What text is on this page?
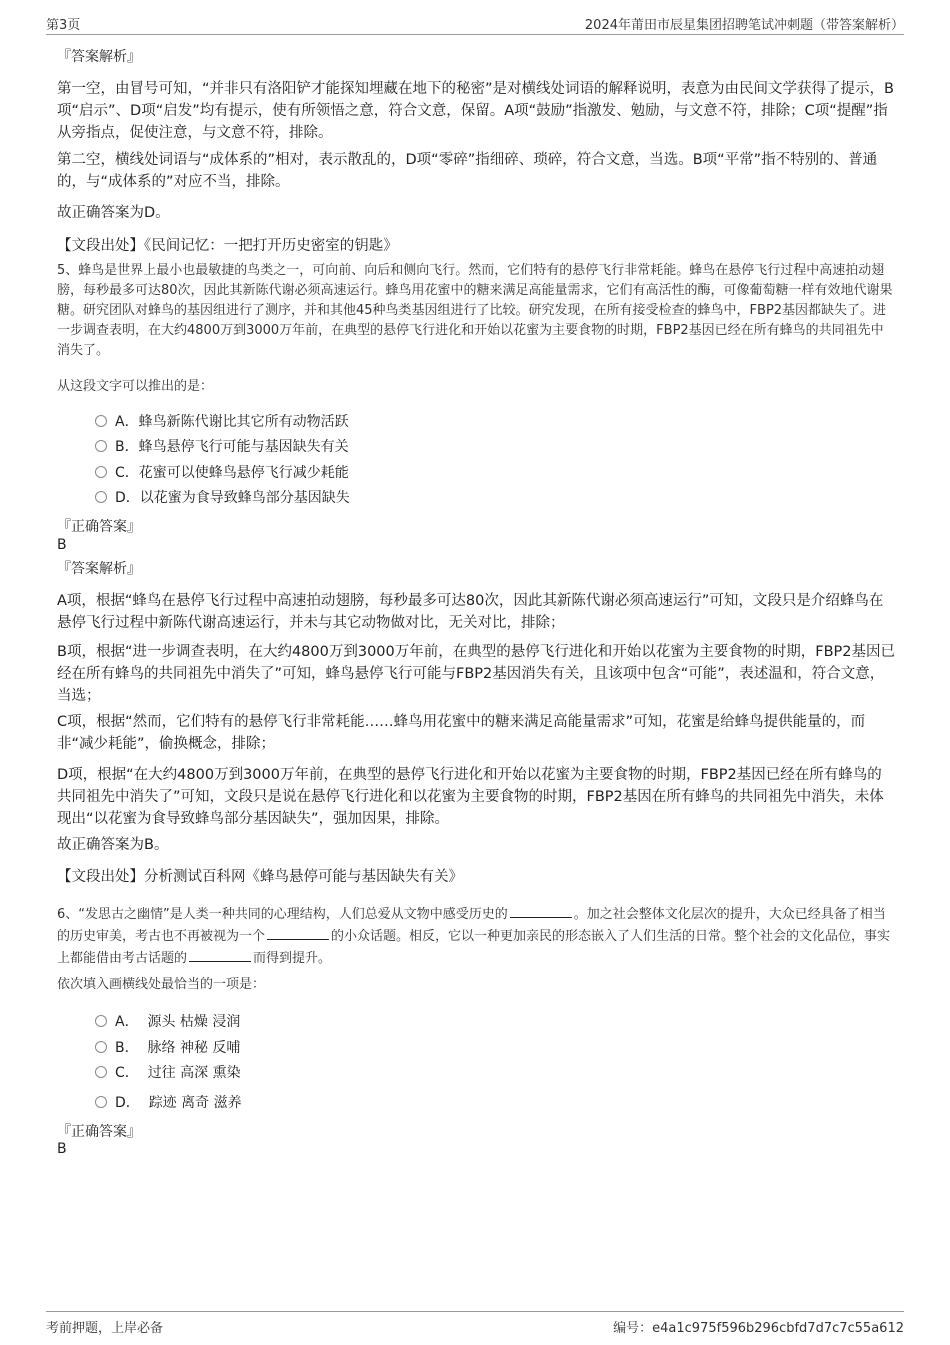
第3页	2024年莆田市辰星集团招聘笔试冲刺题（带答案解析）
『答案解析』
第一空，由冒号可知，“并非只有洛阳铲才能探知埋藏在地下的秘密”是对横线处词语的解释说明，表意为由民间文学获得了提示，B项“启示”、D项“启发”均有提示，使有所领悟之意，符合文意，保留。A项“鼓励”指激发、勉励，与文意不符，排除；C项“提醒”指从旁指点，促使注意，与文意不符，排除。
第二空，横线处词语与“成体系的”相对，表示散乱的，D项“零碎”指细碎、琐碎，符合文意，当选。B项“平常”指不特别的、普通的，与“成体系的”对应不当，排除。
故正确答案为D。
【文段出处】《民间记忆：一把打开历史密室的钥匙》
5、蜂鸟是世界上最小也最敏捷的鸟类之一，可向前、向后和侧向飞行。然而，它们特有的悬停飞行非常耗能。蜂鸟在悬停飞行过程中高速拍动翅膀，每秒最多可达80次，因此其新陈代谢必须高速运行。蜂鸟用花蜜中的糖来满足高能量需求，它们有高活性的酶，可像葡萄糖一样有效地代谢果糖。研究团队对蜂鸟的基因组进行了测序，并和其他45种鸟类基因组进行了比较。研究发现，在所有接受检查的蜂鸟中，FBP2基因都缺失了。进一步调查表明，在大约4800万到3000万年前，在典型的悬停飞行进化和开始以花蜜为主要食物的时期，FBP2基因已经在所有蜂鸟的共同祖先中消失了。
从这段文字可以推出的是：
A．蜂鸟新陈代谢比其它所有动物活跃
B．蜂鸟悬停飞行可能与基因缺失有关
C．花蜜可以使蜂鸟悬停飞行减少耗能
D．以花蜜为食导致蜂鸟部分基因缺失
『正确答案』
B
『答案解析』
A项，根据“蜂鸟在悬停飞行过程中高速拍动翅膀，每秒最多可达80次，因此其新陈代谢必须高速运行”可知，文段只是介绍蜂鸟在悬停飞行过程中新陈代谢高速运行，并未与其它动物做对比，无关对比，排除；
B项，根据“进一步调查表明，在大约4800万到3000万年前，在典型的悬停飞行进化和开始以花蜜为主要食物的时期，FBP2基因已经在所有蜂鸟的共同祖先中消失了”可知，蜂鸟悬停飞行可能与FBP2基因消失有关，且该项中包含“可能”，表述温和，符合文意，当选；
C项，根据“然而，它们特有的悬停飞行非常耗能……蜂鸟用花蜜中的糖来满足高能量需求”可知，花蜜是给蜂鸟提供能量的，而非“减少耗能”，偷换概念，排除；
D项，根据“在大约4800万到3000万年前，在典型的悬停飞行进化和开始以花蜜为主要食物的时期，FBP2基因已经在所有蜂鸟的共同祖先中消失了”可知，文段只是说在悬停飞行进化和以花蜜为主要食物的时期，FBP2基因在所有蜂鸟的共同祖先中消失，未体现出“以花蜜为食导致蜂鸟部分基因缺失”，强加因果，排除。
故正确答案为B。
【文段出处】分析测试百科网《蜂鸟悬停可能与基因缺失有关》
6、“发思古之幽情”是人类一种共同的心理结构，人们总爱从文物中感受历史的	。加之社会整体文化层次的提升，大众已经具备了相当的历史审美，考古也不再被视为一个	的小众话题。相反，它以一种更加亲民的形态嵌入了人们生活的日常。整个社会的文化品位，事实上都能借由考古话题的	而得到提升。
依次填入画横线处最恰当的一项是：
A． 源头 枯燥 浸润
B． 脉络 神秘 反哺
C． 过往 高深 熏染
D． 踪迹 离奇 滋养
『正确答案』
B
考前押题，上岸必备	编号：e4a1c975f596b296cbfd7d7c7c55a612
